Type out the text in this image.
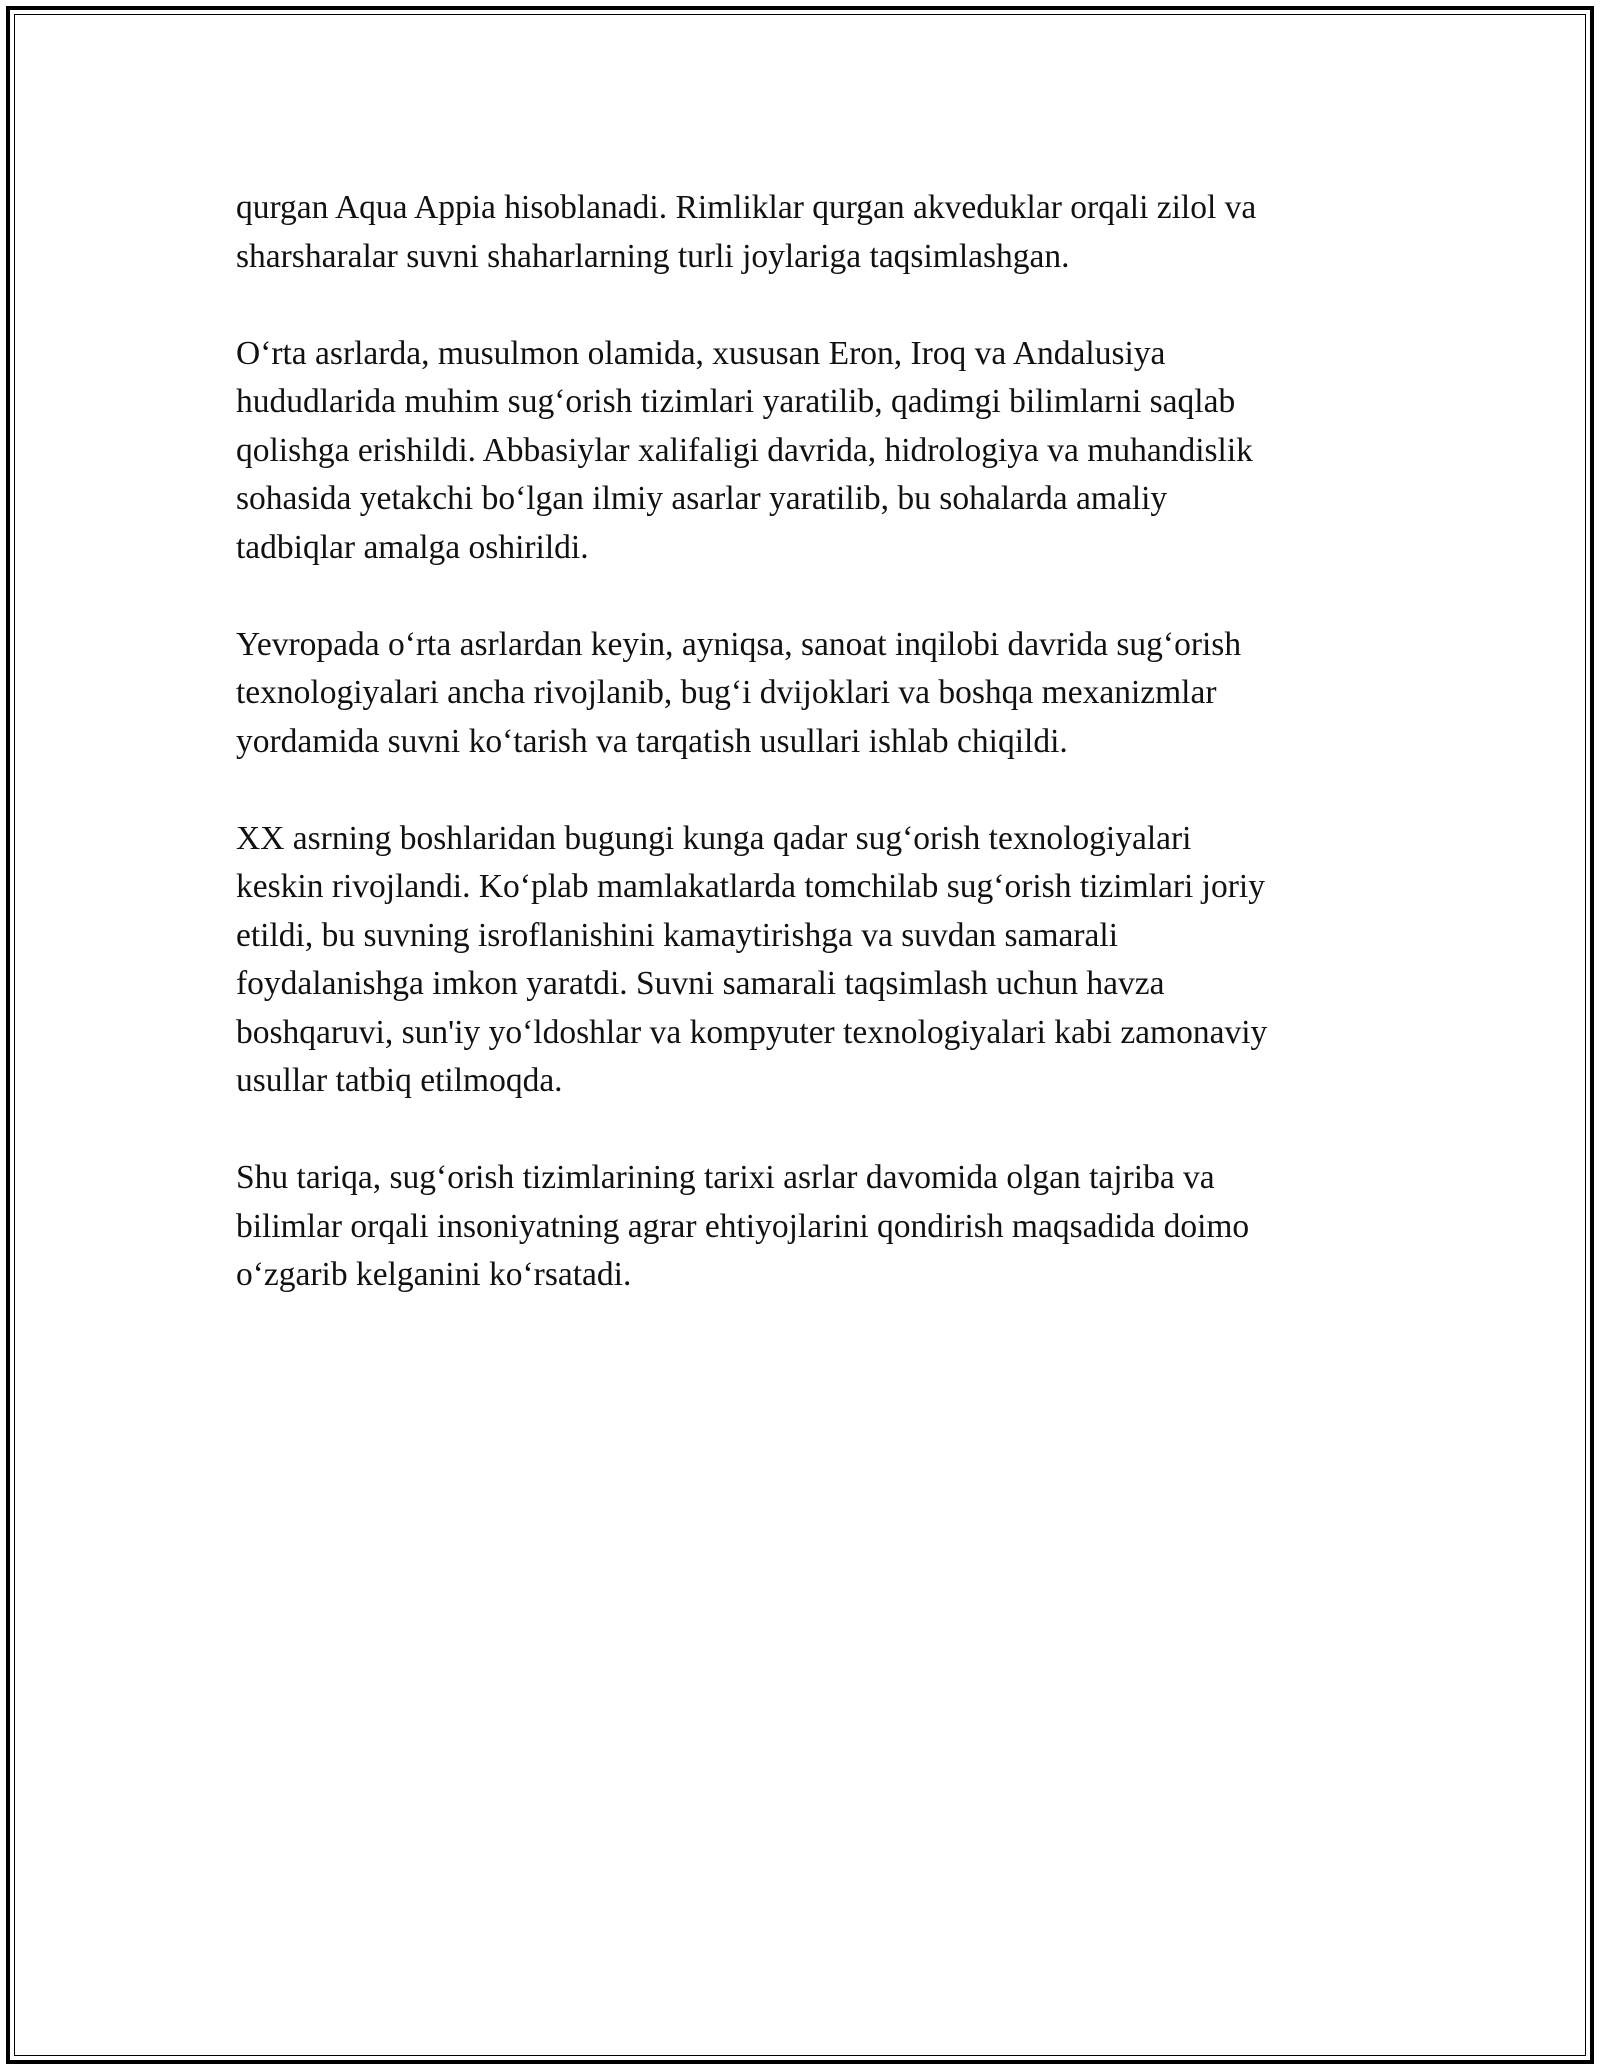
qurgan Aqua Appia hisoblanadi. Rimliklar qurgan akveduklar orqali zilol va
sharsharalar suvni shaharlarning turli joylariga taqsimlashgan.

O‘rta asrlarda, musulmon olamida, xususan Eron, Iroq va Andalusiya
hududlarida muhim sug‘orish tizimlari yaratilib, qadimgi bilimlarni saqlab
qolishga erishildi. Abbasiylar xalifaligi davrida, hidrologiya va muhandislik
sohasida yetakchi bo‘lgan ilmiy asarlar yaratilib, bu sohalarda amaliy
tadbiqlar amalga oshirildi.

Yevropada o‘rta asrlardan keyin, ayniqsa, sanoat inqilobi davrida sug‘orish
texnologiyalari ancha rivojlanib, bug‘i dvijoklari va boshqa mexanizmlar
yordamida suvni ko‘tarish va tarqatish usullari ishlab chiqildi.

XX asrning boshlaridan bugungi kunga qadar sug‘orish texnologiyalari
keskin rivojlandi. Ko‘plab mamlakatlarda tomchilab sug‘orish tizimlari joriy
etildi, bu suvning isroflanishini kamaytirishga va suvdan samarali
foydalanishga imkon yaratdi. Suvni samarali taqsimlash uchun havza
boshqaruvi, sun'iy yo‘ldoshlar va kompyuter texnologiyalari kabi zamonaviy
usullar tatbiq etilmoqda.

Shu tariqa, sug‘orish tizimlarining tarixi asrlar davomida olgan tajriba va
bilimlar orqali insoniyatning agrar ehtiyojlarini qondirish maqsadida doimo
o‘zgarib kelganini ko‘rsatadi.
